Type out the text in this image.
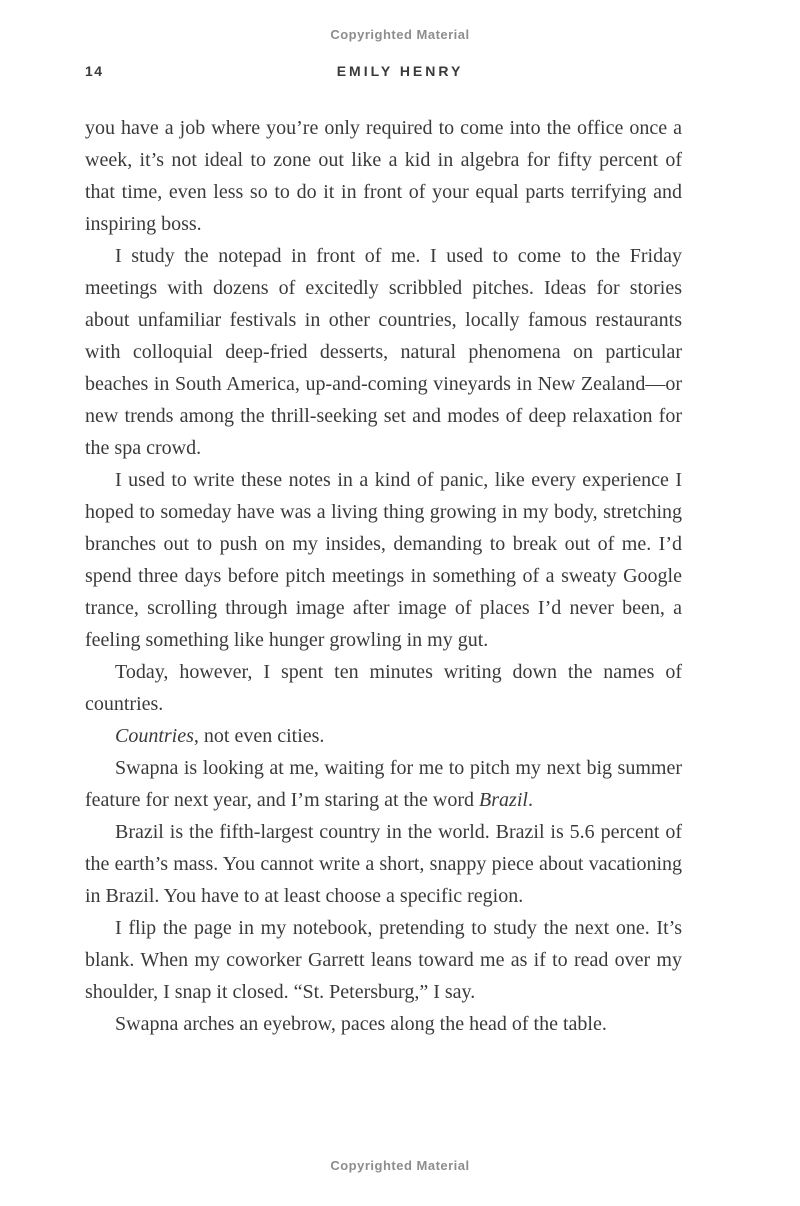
Copyrighted Material
14	EMILY HENRY

you have a job where you’re only required to come into the office once a week, it’s not ideal to zone out like a kid in algebra for fifty percent of that time, even less so to do it in front of your equal parts terrifying and inspiring boss.

I study the notepad in front of me. I used to come to the Friday meetings with dozens of excitedly scribbled pitches. Ideas for stories about unfamiliar festivals in other countries, locally famous restaurants with colloquial deep-fried desserts, natural phenomena on particular beaches in South America, up-and-coming vineyards in New Zealand—or new trends among the thrill-seeking set and modes of deep relaxation for the spa crowd.

I used to write these notes in a kind of panic, like every experience I hoped to someday have was a living thing growing in my body, stretching branches out to push on my insides, demanding to break out of me. I’d spend three days before pitch meetings in something of a sweaty Google trance, scrolling through image after image of places I’d never been, a feeling something like hunger growling in my gut.

Today, however, I spent ten minutes writing down the names of countries.

Countries, not even cities.

Swapna is looking at me, waiting for me to pitch my next big summer feature for next year, and I’m staring at the word Brazil.

Brazil is the fifth-largest country in the world. Brazil is 5.6 percent of the earth’s mass. You cannot write a short, snappy piece about vacationing in Brazil. You have to at least choose a specific region.

I flip the page in my notebook, pretending to study the next one. It’s blank. When my coworker Garrett leans toward me as if to read over my shoulder, I snap it closed. “St. Petersburg,” I say.

Swapna arches an eyebrow, paces along the head of the table.

Copyrighted Material
